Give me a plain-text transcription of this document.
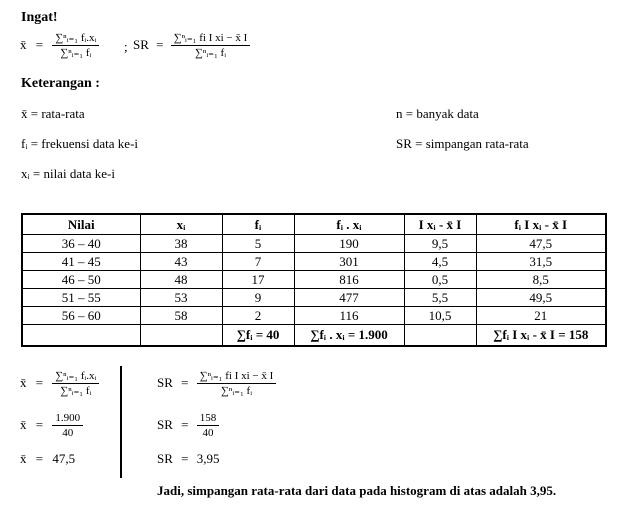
Ingat!
x̄ = $\frac{\text{∑ⁿᵢ₌₁ fᵢ.xᵢ}}{\text{∑ⁿᵢ₌₁ fᵢ}}$ ; SR = $\frac{\text{∑ⁿᵢ₌₁ fi I xi − x̄ I}}{\text{∑ⁿᵢ₌₁ fᵢ}}$
Keterangan :
x̄ = rata-rata
fᵢ = frekuensi data ke-i
xᵢ = nilai data ke-i
n = banyak data
SR = simpangan rata-rata
Nilai	xᵢ	fᵢ	fᵢ . xᵢ	I xᵢ - x̄ I	fᵢ I xᵢ - x̄ I
36 – 40	38	5	190	9,5	47,5
41 – 45	43	7	301	4,5	31,5
46 – 50	48	17	816	0,5	8,5
51 – 55	53	9	477	5,5	49,5
56 – 60	58	2	116	10,5	21
		∑fᵢ = 40	∑fᵢ . xᵢ = 1.900		∑fᵢ I xᵢ - x̄ I = 158
x̄ = $\frac{\text{∑ⁿᵢ₌₁ fᵢ.xᵢ}}{\text{∑ⁿᵢ₌₁ fᵢ}}$
x̄ = $\frac{1.900}{40}$
x̄ = 47,5
SR = $\frac{\text{∑ⁿᵢ₌₁ fi I xi − x̄ I}}{\text{∑ⁿᵢ₌₁ fᵢ}}$
SR = $\frac{158}{40}$
SR = 3,95
Jadi, simpangan rata-rata dari data pada histogram di atas adalah 3,95.
